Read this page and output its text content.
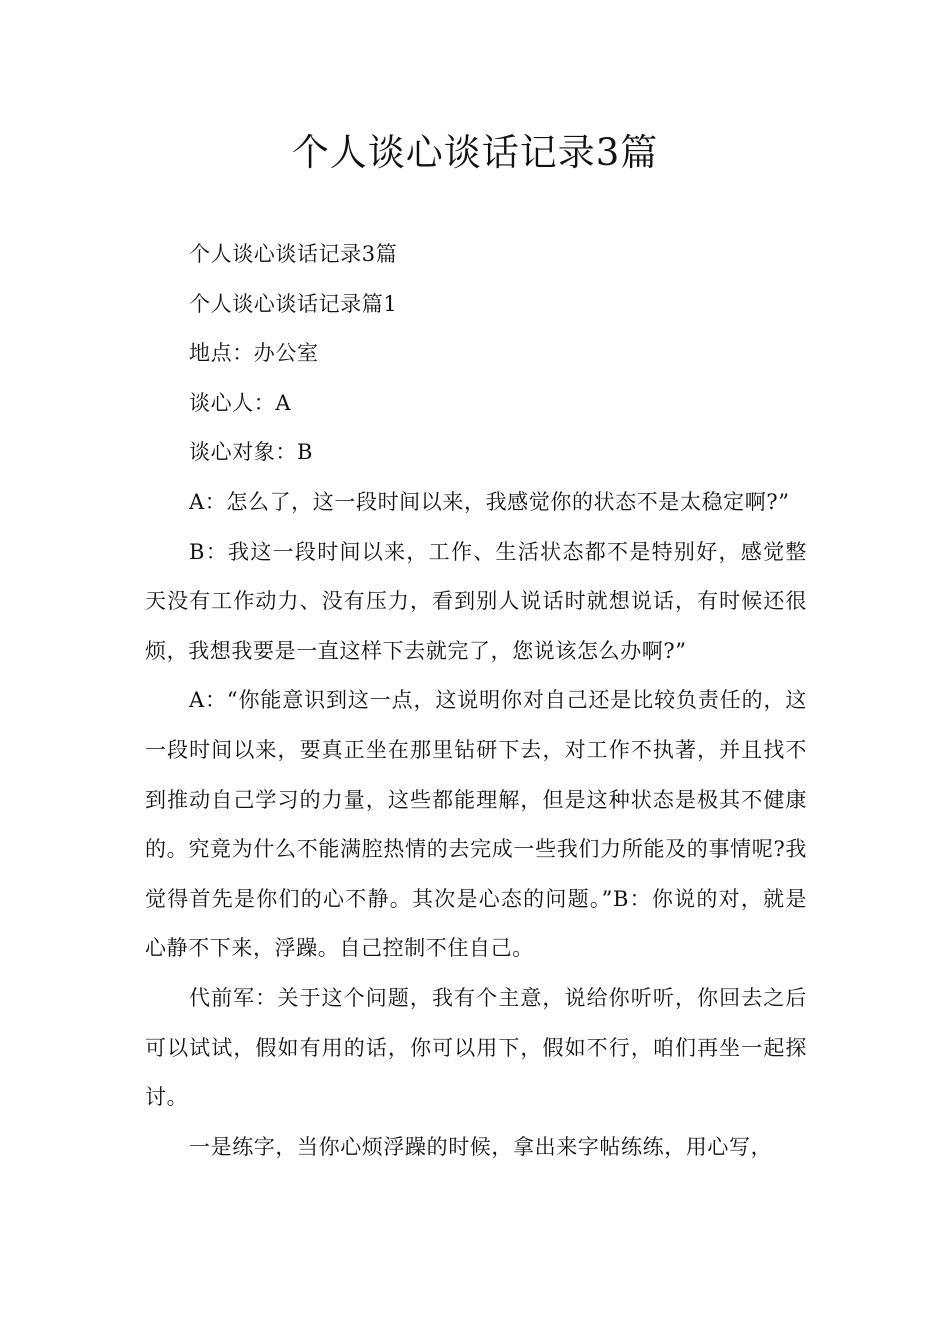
个人谈心谈话记录3篇

个人谈心谈话记录3篇

个人谈心谈话记录篇1

地点：办公室

谈心人：A

谈心对象：B

A：怎么了，这一段时间以来，我感觉你的状态不是太稳定啊?”

B：我这一段时间以来，工作、生活状态都不是特别好，感觉整天没有工作动力、没有压力，看到别人说话时就想说话，有时候还很烦，我想我要是一直这样下去就完了，您说该怎么办啊?”

A：“你能意识到这一点，这说明你对自己还是比较负责任的，这一段时间以来，要真正坐在那里钻研下去，对工作不执著，并且找不到推动自己学习的力量，这些都能理解，但是这种状态是极其不健康的。究竟为什么不能满腔热情的去完成一些我们力所能及的事情呢?我觉得首先是你们的心不静。其次是心态的问题。”B：你说的对，就是心静不下来，浮躁。自己控制不住自己。

代前军：关于这个问题，我有个主意，说给你听听，你回去之后可以试试，假如有用的话，你可以用下，假如不行，咱们再坐一起探讨。

一是练字，当你心烦浮躁的时候，拿出来字帖练练，用心写，
